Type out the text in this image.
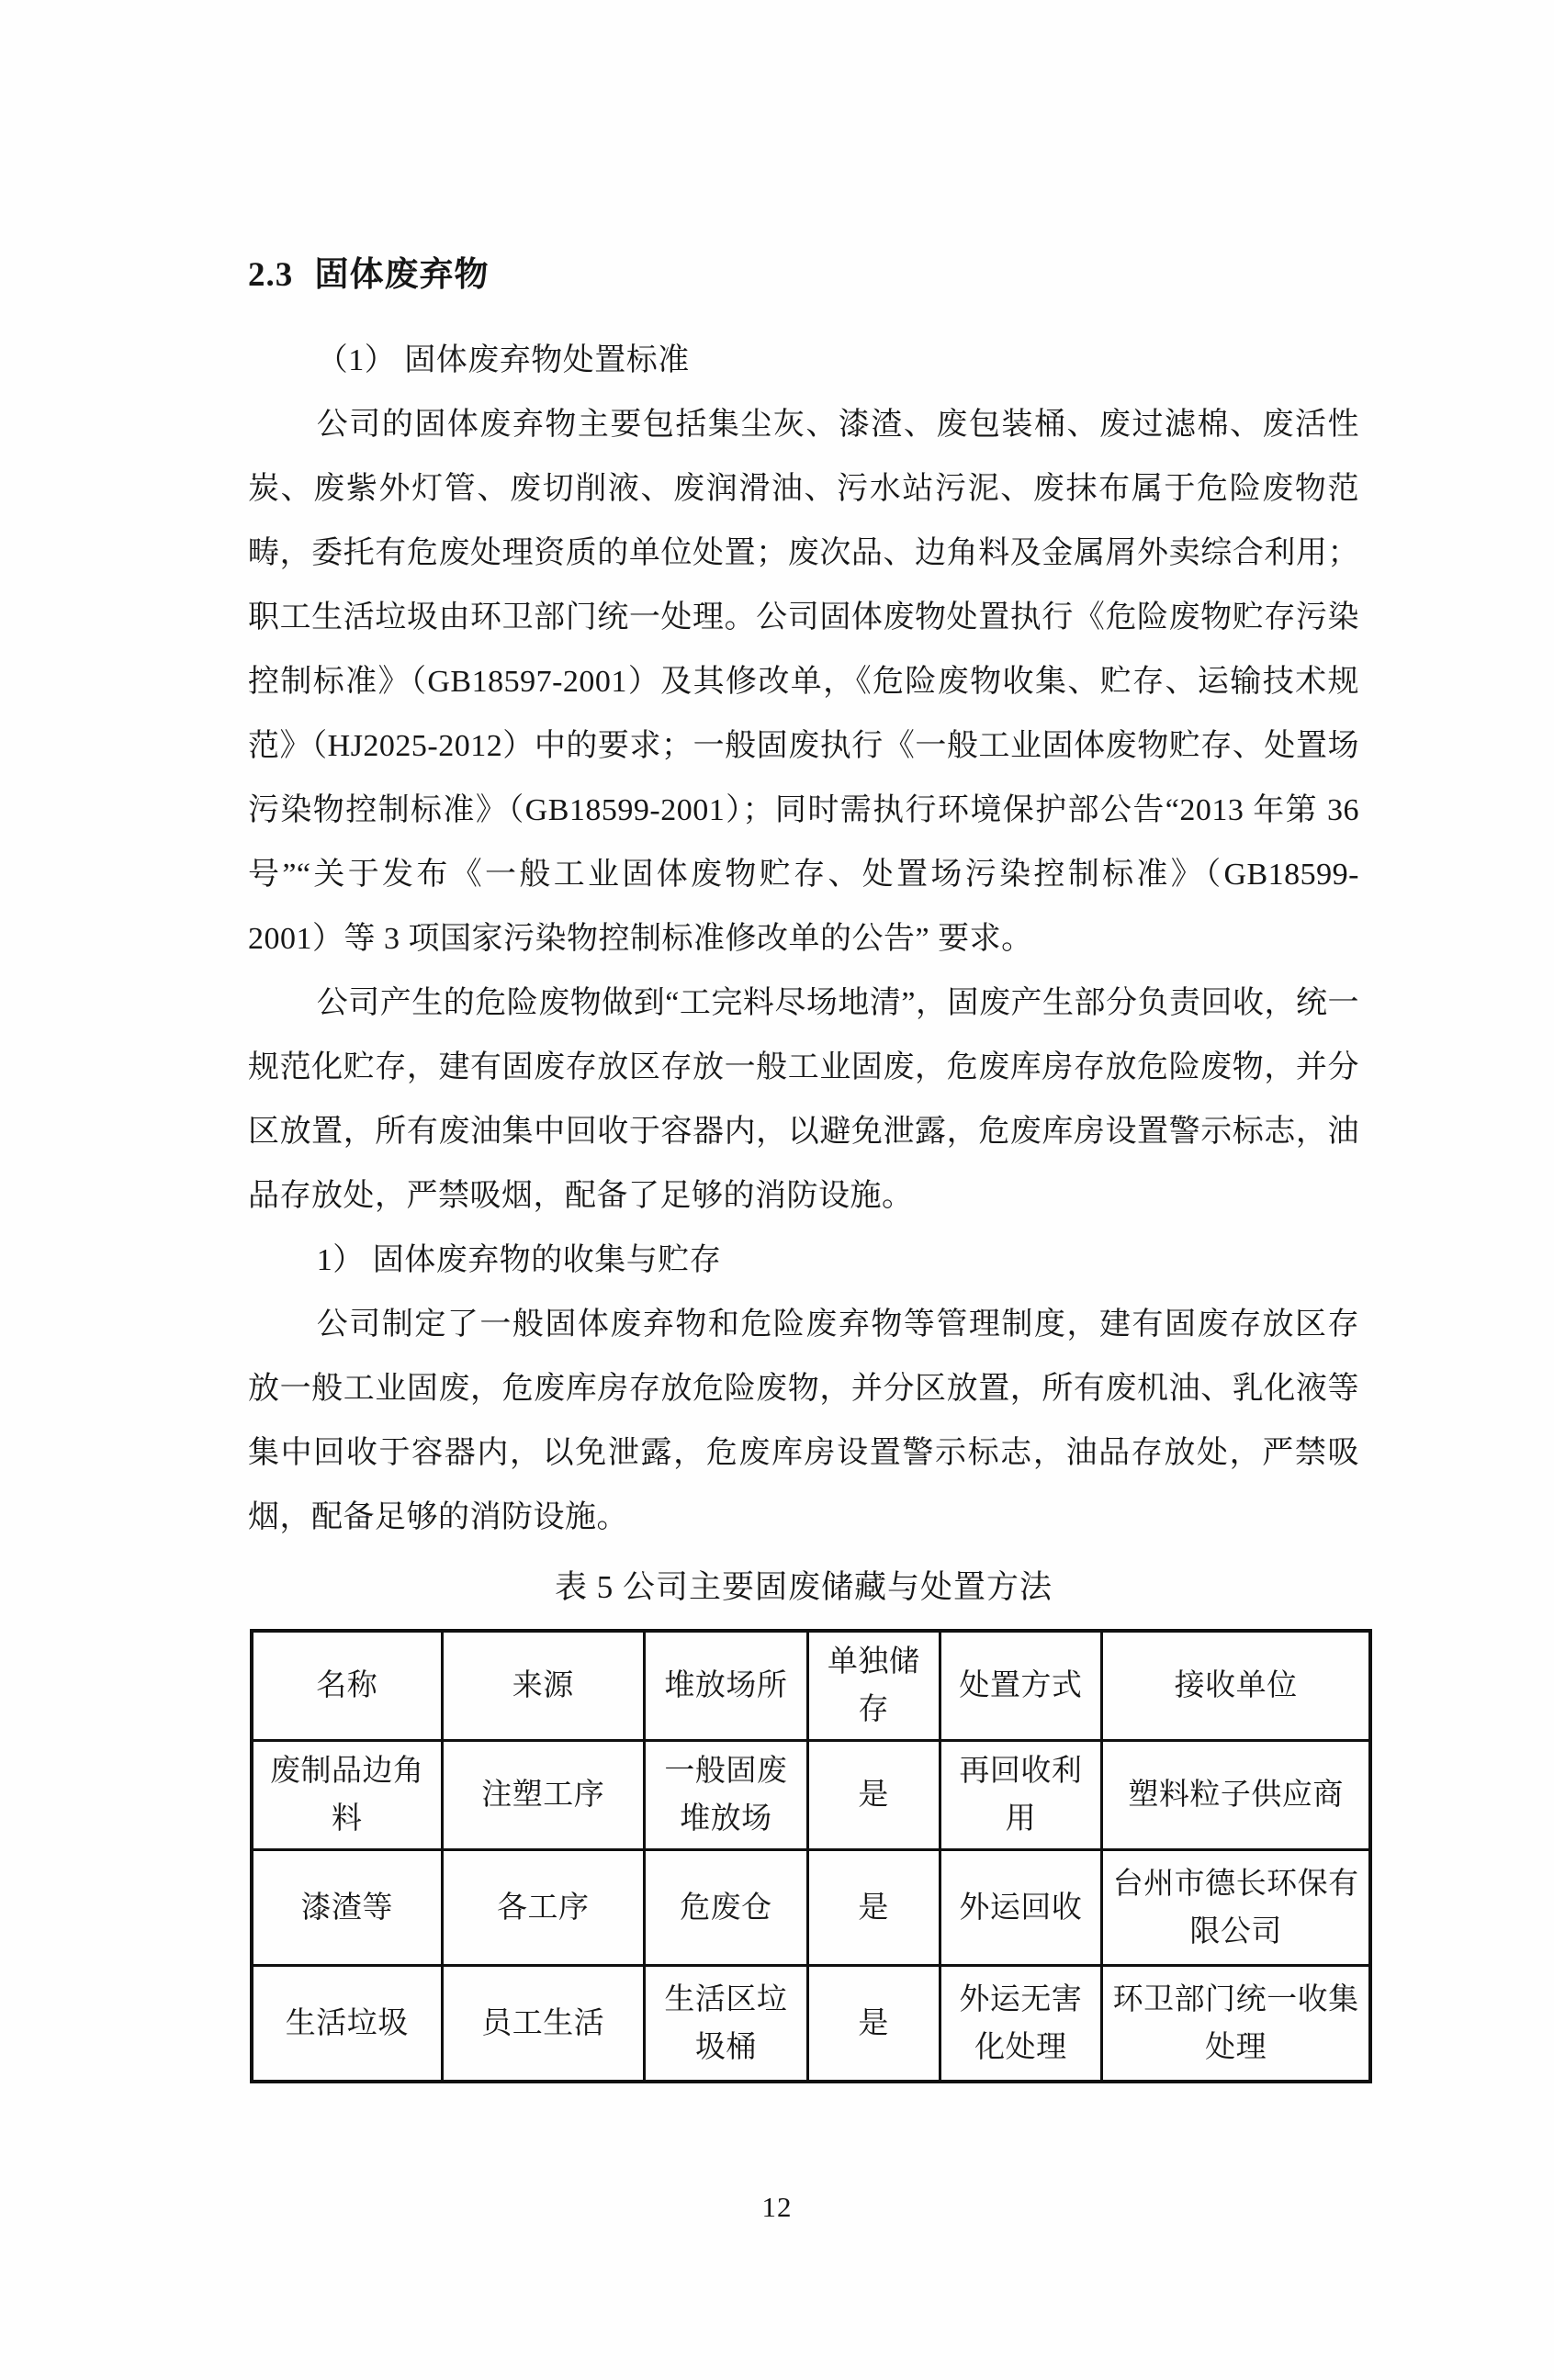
2.3 固体废弃物

（1） 固体废弃物处置标准

公司的固体废弃物主要包括集尘灰、漆渣、废包装桶、废过滤棉、废活性炭、废紫外灯管、废切削液、废润滑油、污水站污泥、废抹布属于危险废物范畴，委托有危废处理资质的单位处置；废次品、边角料及金属屑外卖综合利用；职工生活垃圾由环卫部门统一处理。公司固体废物处置执行《危险废物贮存污染控制标准》（GB18597-2001）及其修改单，《危险废物收集、贮存、运输技术规范》（HJ2025-2012）中的要求；一般固废执行《一般工业固体废物贮存、处置场污染物控制标准》（GB18599-2001）；同时需执行环境保护部公告“2013 年第 36 号”“关于发布《一般工业固体废物贮存、处置场污染控制标准》（GB18599-2001）等 3 项国家污染物控制标准修改单的公告” 要求。

公司产生的危险废物做到“工完料尽场地清”，固废产生部分负责回收，统一规范化贮存，建有固废存放区存放一般工业固废，危废库房存放危险废物，并分区放置，所有废油集中回收于容器内，以避免泄露，危废库房设置警示标志，油品存放处，严禁吸烟，配备了足够的消防设施。

1） 固体废弃物的收集与贮存

公司制定了一般固体废弃物和危险废弃物等管理制度，建有固废存放区存放一般工业固废，危废库房存放危险废物，并分区放置，所有废机油、乳化液等集中回收于容器内，以免泄露，危废库房设置警示标志，油品存放处，严禁吸烟，配备足够的消防设施。

表 5 公司主要固废储藏与处置方法
名称	来源	堆放场所	单独储存	处置方式	接收单位
废制品边角料	注塑工序	一般固废堆放场	是	再回收利用	塑料粒子供应商
漆渣等	各工序	危废仓	是	外运回收	台州市德长环保有限公司
生活垃圾	员工生活	生活区垃圾桶	是	外运无害化处理	环卫部门统一收集处理
12
